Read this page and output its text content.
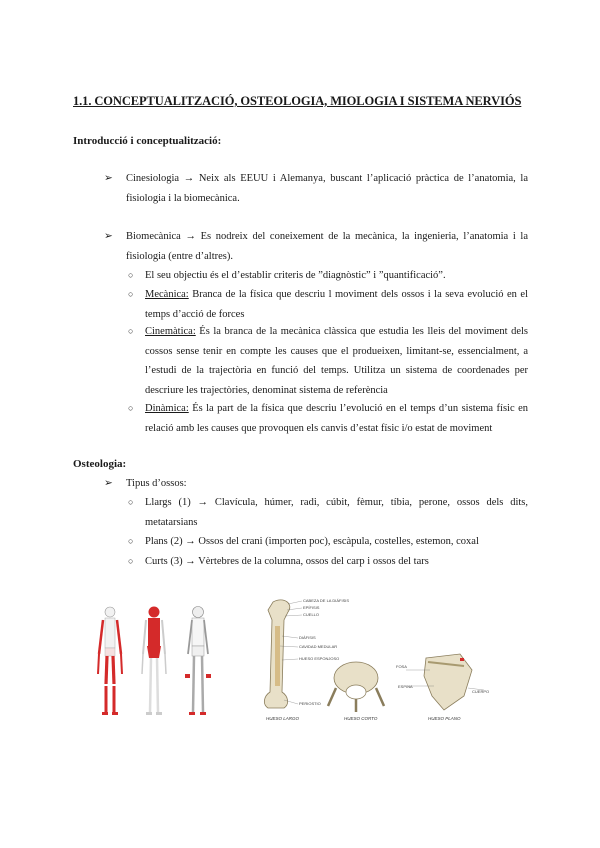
1.1. CONCEPTUALITZACIÓ, OSTEOLOGIA, MIOLOGIA I SISTEMA NERVIÓS
Introducció i conceptualització:
➢	Cinesiologia → Neix als EEUU i Alemanya, buscant l’aplicació pràctica de l’anatomia, la fisiologia i la biomecànica.
➢	Biomecànica → Es nodreix del coneixement de la mecànica, la ingenieria, l’anatomia i la fisiologia (entre d’altres).
○	El seu objectiu és el d’establir criteris de ”diagnòstic” i ”quantificació”.
○	Mecànica: Branca de la física que descriu l moviment dels ossos i la seva evolució en el temps d’acció de forces
○	Cinemàtica: És la branca de la mecànica clàssica que estudia les lleis del moviment dels cossos sense tenir en compte les causes que el produeixen, limitant-se, essencialment, a l’estudi de la trajectòria en funció del temps. Utilitza un sistema de coordenades per descriure les trajectòries, denominat sistema de referència
○	Dinàmica: És la part de la física que descriu l’evolució en el temps d’un sistema físic en relació amb les causes que provoquen els canvis d’estat físic i/o estat de moviment
Osteologia:
➢	Tipus d’ossos:
○	Llargs (1) → Clavícula, húmer, radi, cúbit, fèmur, tíbia, perone, ossos dels dits, metatarsians
○	Plans (2) → Ossos del crani (importen poc), escàpula, costelles, estemon, coxal
○	Curts (3) → Vèrtebres de la columna, ossos del carp i ossos del tars
CABEZA DE LA DIÁFISIS
EPÍFISIS
CUELLO
DIÁFISIS
CAVIDAD MEDULAR
HUESO ESPONJOSO
PERIOSTIO
HUESO LARGO	HUESO CORTO
FOSA
ESPINA
CUERPO
HUESO PLANO
